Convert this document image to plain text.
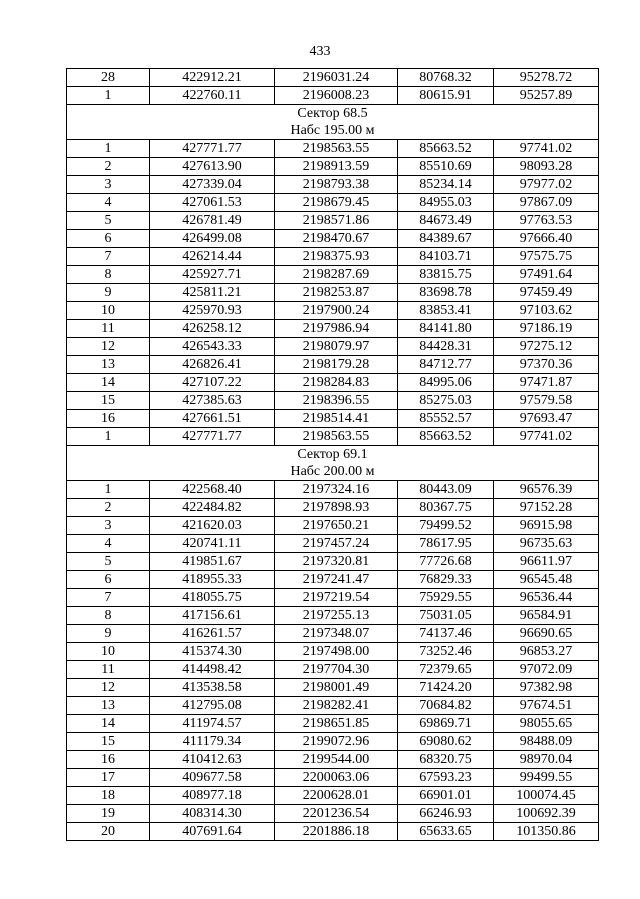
433
28	422912.21	2196031.24	80768.32	95278.72
1	422760.11	2196008.23	80615.91	95257.89
Сектор 68.5				
Набс 195.00 м				
1	427771.77	2198563.55	85663.52	97741.02
2	427613.90	2198913.59	85510.69	98093.28
3	427339.04	2198793.38	85234.14	97977.02
4	427061.53	2198679.45	84955.03	97867.09
5	426781.49	2198571.86	84673.49	97763.53
6	426499.08	2198470.67	84389.67	97666.40
7	426214.44	2198375.93	84103.71	97575.75
8	425927.71	2198287.69	83815.75	97491.64
9	425811.21	2198253.87	83698.78	97459.49
10	425970.93	2197900.24	83853.41	97103.62
11	426258.12	2197986.94	84141.80	97186.19
12	426543.33	2198079.97	84428.31	97275.12
13	426826.41	2198179.28	84712.77	97370.36
14	427107.22	2198284.83	84995.06	97471.87
15	427385.63	2198396.55	85275.03	97579.58
16	427661.51	2198514.41	85552.57	97693.47
1	427771.77	2198563.55	85663.52	97741.02
Сектор 69.1				
Набс 200.00 м				
1	422568.40	2197324.16	80443.09	96576.39
2	422484.82	2197898.93	80367.75	97152.28
3	421620.03	2197650.21	79499.52	96915.98
4	420741.11	2197457.24	78617.95	96735.63
5	419851.67	2197320.81	77726.68	96611.97
6	418955.33	2197241.47	76829.33	96545.48
7	418055.75	2197219.54	75929.55	96536.44
8	417156.61	2197255.13	75031.05	96584.91
9	416261.57	2197348.07	74137.46	96690.65
10	415374.30	2197498.00	73252.46	96853.27
11	414498.42	2197704.30	72379.65	97072.09
12	413538.58	2198001.49	71424.20	97382.98
13	412795.08	2198282.41	70684.82	97674.51
14	411974.57	2198651.85	69869.71	98055.65
15	411179.34	2199072.96	69080.62	98488.09
16	410412.63	2199544.00	68320.75	98970.04
17	409677.58	2200063.06	67593.23	99499.55
18	408977.18	2200628.01	66901.01	100074.45
19	408314.30	2201236.54	66246.93	100692.39
20	407691.64	2201886.18	65633.65	101350.86
